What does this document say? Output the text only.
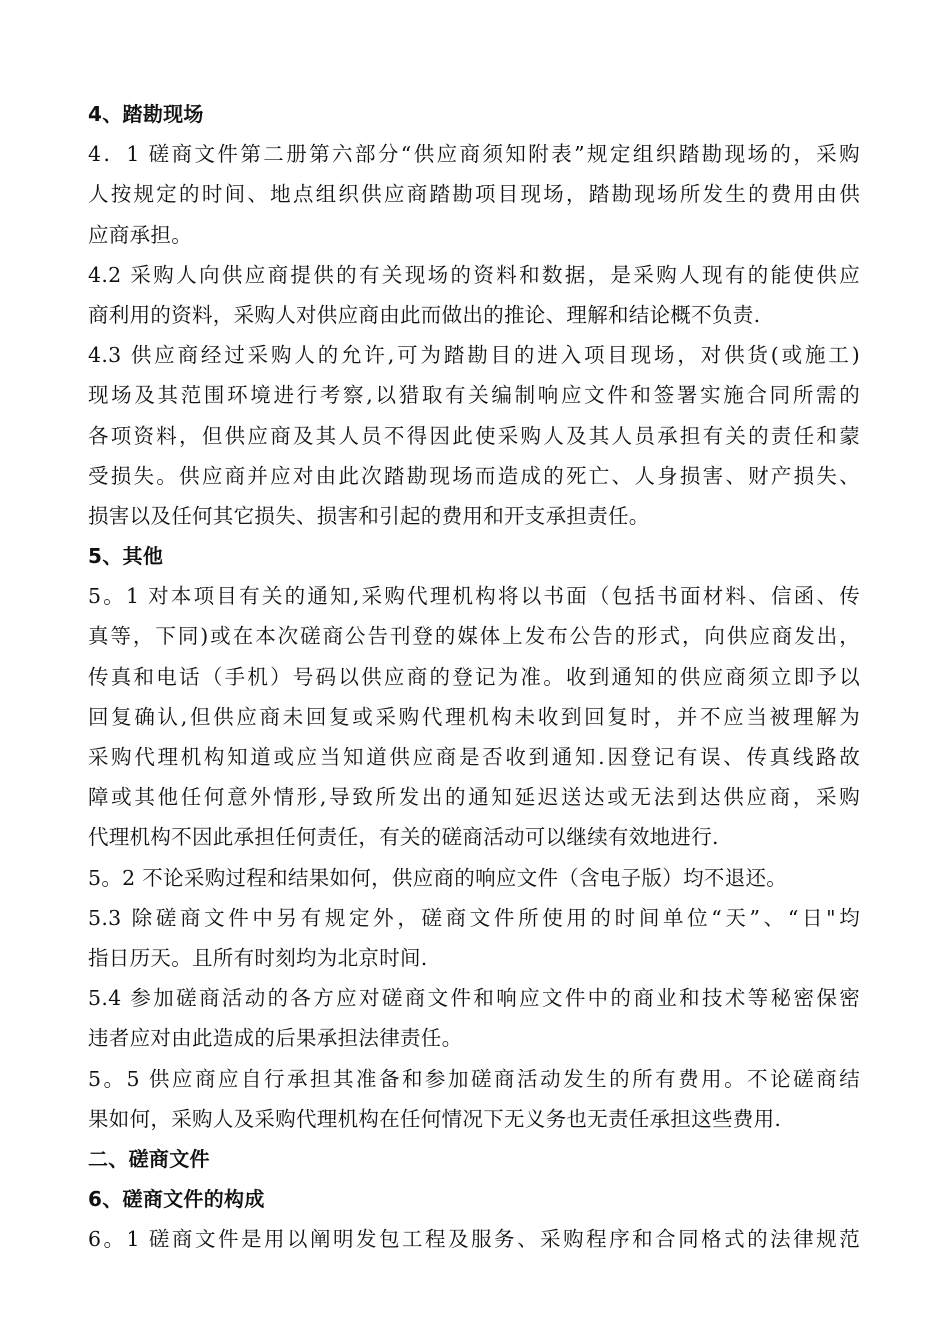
4、踏勘现场
4．1 磋商文件第二册第六部分“供应商须知附表”规定组织踏勘现场的，采购
人按规定的时间、地点组织供应商踏勘项目现场，踏勘现场所发生的费用由供
应商承担。
4.2 采购人向供应商提供的有关现场的资料和数据，是采购人现有的能使供应
商利用的资料，采购人对供应商由此而做出的推论、理解和结论概不负责.
4.3 供应商经过采购人的允许,可为踏勘目的进入项目现场，对供货(或施工)
现场及其范围环境进行考察,以猎取有关编制响应文件和签署实施合同所需的
各项资料，但供应商及其人员不得因此使采购人及其人员承担有关的责任和蒙
受损失。供应商并应对由此次踏勘现场而造成的死亡、人身损害、财产损失、
损害以及任何其它损失、损害和引起的费用和开支承担责任。
5、其他
5。1 对本项目有关的通知,采购代理机构将以书面（包括书面材料、信函、传
真等，下同)或在本次磋商公告刊登的媒体上发布公告的形式，向供应商发出，
传真和电话（手机）号码以供应商的登记为准。收到通知的供应商须立即予以
回复确认,但供应商未回复或采购代理机构未收到回复时，并不应当被理解为
采购代理机构知道或应当知道供应商是否收到通知.因登记有误、传真线路故
障或其他任何意外情形,导致所发出的通知延迟送达或无法到达供应商，采购
代理机构不因此承担任何责任，有关的磋商活动可以继续有效地进行.
5。2 不论采购过程和结果如何，供应商的响应文件（含电子版）均不退还。
5.3 除磋商文件中另有规定外，磋商文件所使用的时间单位“天”、“日"均
指日历天。且所有时刻均为北京时间.
5.4 参加磋商活动的各方应对磋商文件和响应文件中的商业和技术等秘密保密
违者应对由此造成的后果承担法律责任。
5。5 供应商应自行承担其准备和参加磋商活动发生的所有费用。不论磋商结
果如何，采购人及采购代理机构在任何情况下无义务也无责任承担这些费用.
二、磋商文件
6、磋商文件的构成
6。1 磋商文件是用以阐明发包工程及服务、采购程序和合同格式的法律规范
